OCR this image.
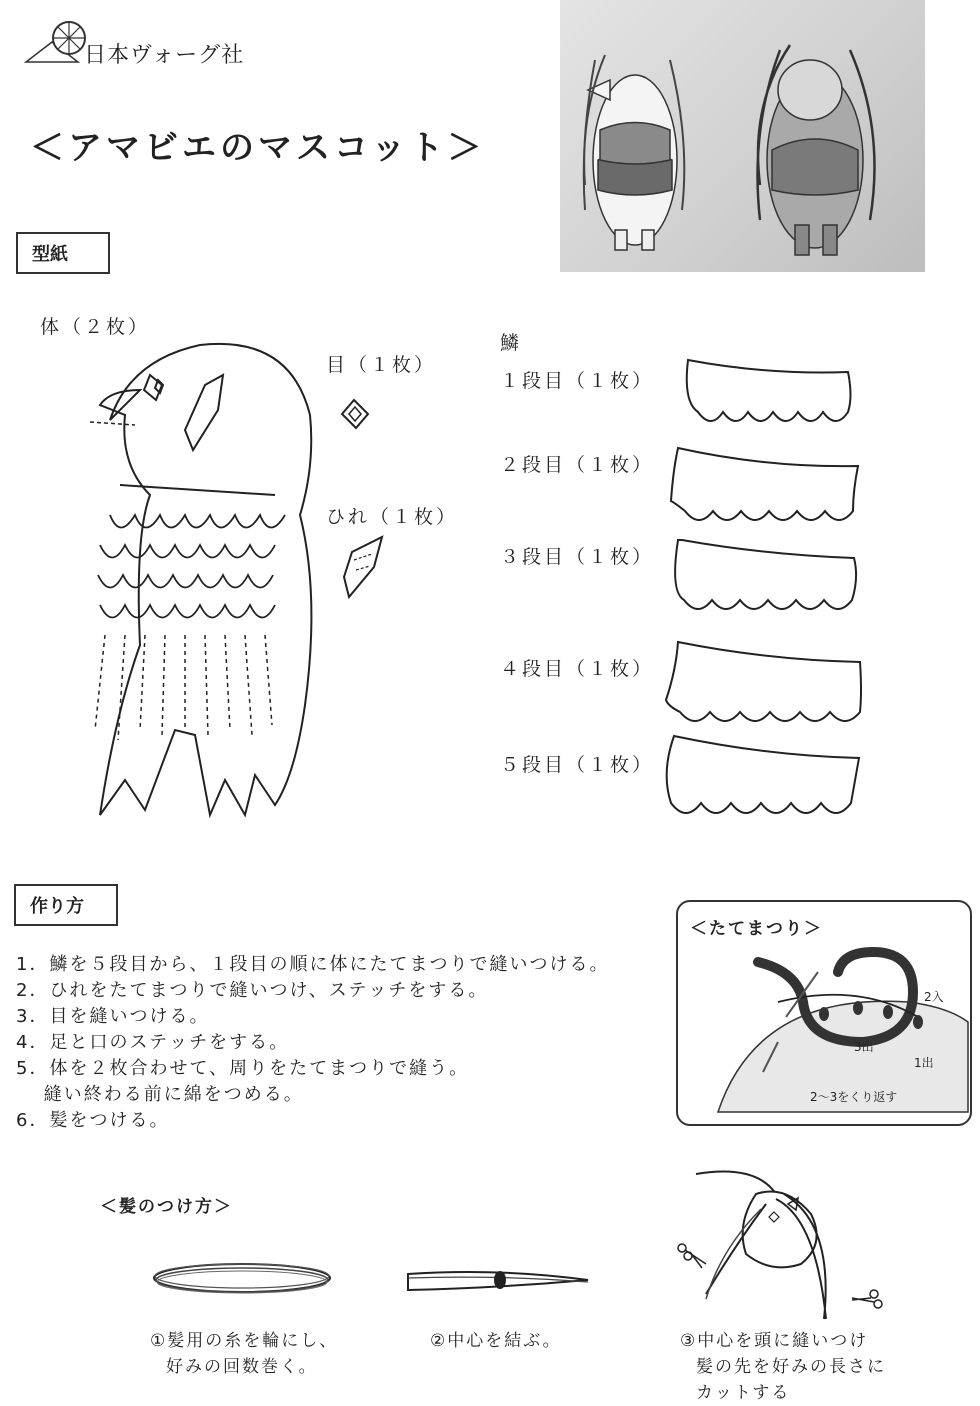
日本ヴォーグ社
＜アマビエのマスコット＞
型紙
体（２枚）
目（１枚）
ひれ（１枚）
鱗
１段目（１枚）
２段目（１枚）
３段目（１枚）
４段目（１枚）
５段目（１枚）
作り方
1．鱗を５段目から、１段目の順に体にたてまつりで縫いつける。
2．ひれをたてまつりで縫いつけ、ステッチをする。
3．目を縫いつける。
4．足と口のステッチをする。
5．体を２枚合わせて、周りをたてまつりで縫う。
　 縫い終わる前に綿をつめる。
6．髪をつける。
＜たてまつり＞
2入
3出
1出
2〜3をくり返す
＜髪のつけ方＞
①髪用の糸を輪にし、
好みの回数巻く。
②中心を結ぶ。	③中心を頭に縫いつけ
髪の先を好みの長さに
カットする
